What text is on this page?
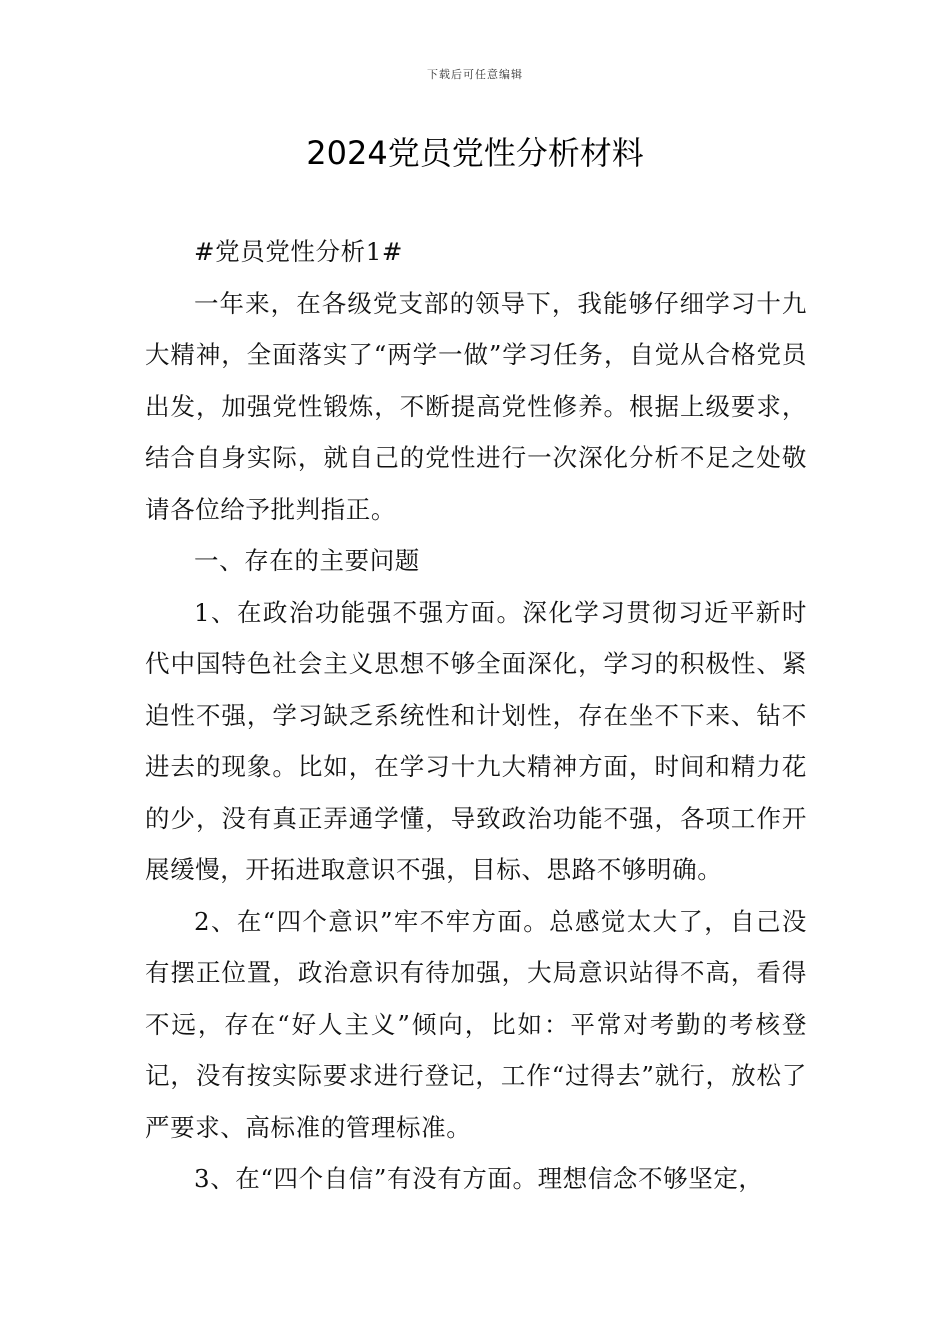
下载后可任意编辑
2024党员党性分析材料

#党员党性分析1#

一年来，在各级党支部的领导下，我能够仔细学习十九大精神，全面落实了“两学一做”学习任务，自觉从合格党员出发，加强党性锻炼，不断提高党性修养。根据上级要求，结合自身实际，就自己的党性进行一次深化分析不足之处敬请各位给予批判指正。

一、存在的主要问题

1、在政治功能强不强方面。深化学习贯彻习近平新时代中国特色社会主义思想不够全面深化，学习的积极性、紧迫性不强，学习缺乏系统性和计划性，存在坐不下来、钻不进去的现象。比如，在学习十九大精神方面，时间和精力花的少，没有真正弄通学懂，导致政治功能不强，各项工作开展缓慢，开拓进取意识不强，目标、思路不够明确。

2、在“四个意识”牢不牢方面。总感觉太大了，自己没有摆正位置，政治意识有待加强，大局意识站得不高，看得不远，存在“好人主义”倾向，比如：平常对考勤的考核登记，没有按实际要求进行登记，工作“过得去”就行，放松了严要求、高标准的管理标准。

3、在“四个自信”有没有方面。理想信念不够坚定，
